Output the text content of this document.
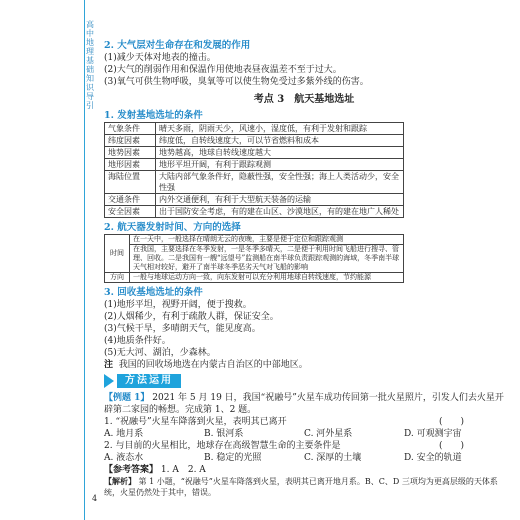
高中地理基础知识导引
2. 大气层对生命存在和发展的作用

(1)减少天体对地表的撞击。

(2)大气的削弱作用和保温作用使地表昼夜温差不至于过大。

(3)氧气可供生物呼吸，臭氧等可以使生物免受过多紫外线的伤害。

考点 3　航天基地选址
1. 发射基地选址的条件
气象条件	晴天多雨，阴雨天少，风速小，湿度低，有利于发射和跟踪
纬度因素	纬度低，自转线速度大，可以节省燃料和成本
地势因素	地势越高，地球自转线速度越大
地形因素	地形平坦开阔，有利于跟踪观测
海陆位置	大陆内部气象条件好，隐蔽性强，安全性强；海上人类活动少，安全性强
交通条件	内外交通便利，有利于大型航天装备的运输
安全因素	出于国防安全考虑，有的建在山区、沙漠地区，有的建在地广人稀处
2. 航天器发射时间、方向的选择
时间	在一天中，一般选择在晴朗无云的夜晚，主要是便于定位和跟踪观测
	在我国，主要选择在冬季发射，一是冬季多晴天，二是便于利用时间飞船进行搜寻、管理、回收。二是我国有一艘“远望号”监测船在南半球负责跟踪观测的海域，冬季南半球天气相对较好，避开了南半球冬季恶劣天气对飞船的影响
方向	一般与地球运动方向一致，向东发射可以充分利用地球自转线速度，节约能源
3. 回收基地选址的条件

(1)地形平坦，视野开阔，便于搜救。

(2)人烟稀少，有利于疏散人群，保证安全。

(3)气候干旱，多晴朗天气，能见度高。

(4)地质条件好。

(5)无大河、湖泊，少森林。

注 我国的回收场地选在内蒙古自治区的中部地区。

方法运用

【例题 1】 2021 年 5 月 19 日，我国“祝融号”火星车成功传回第一批火星照片，引发人们去火星开辟第二家园的畅想。完成第 1、2 题。

1. “祝融号”火星车降落到火星，表明其已离开	(　　)

A. 地月系	B. 银河系	C. 河外星系	D. 可观测宇宙

2. 与目前的火星相比，地球存在高级智慧生命的主要条件是	(　　)

A. 液态水	B. 稳定的光照	C. 深厚的土壤	D. 安全的轨道

【参考答案】 1. A　2. A

【解析】 第 1 小题，“祝融号”火星车降落到火星，表明其已离开地月系。B、C、D 三项均为更高层级的天体系统，火星仍然处于其中，错误。

4
